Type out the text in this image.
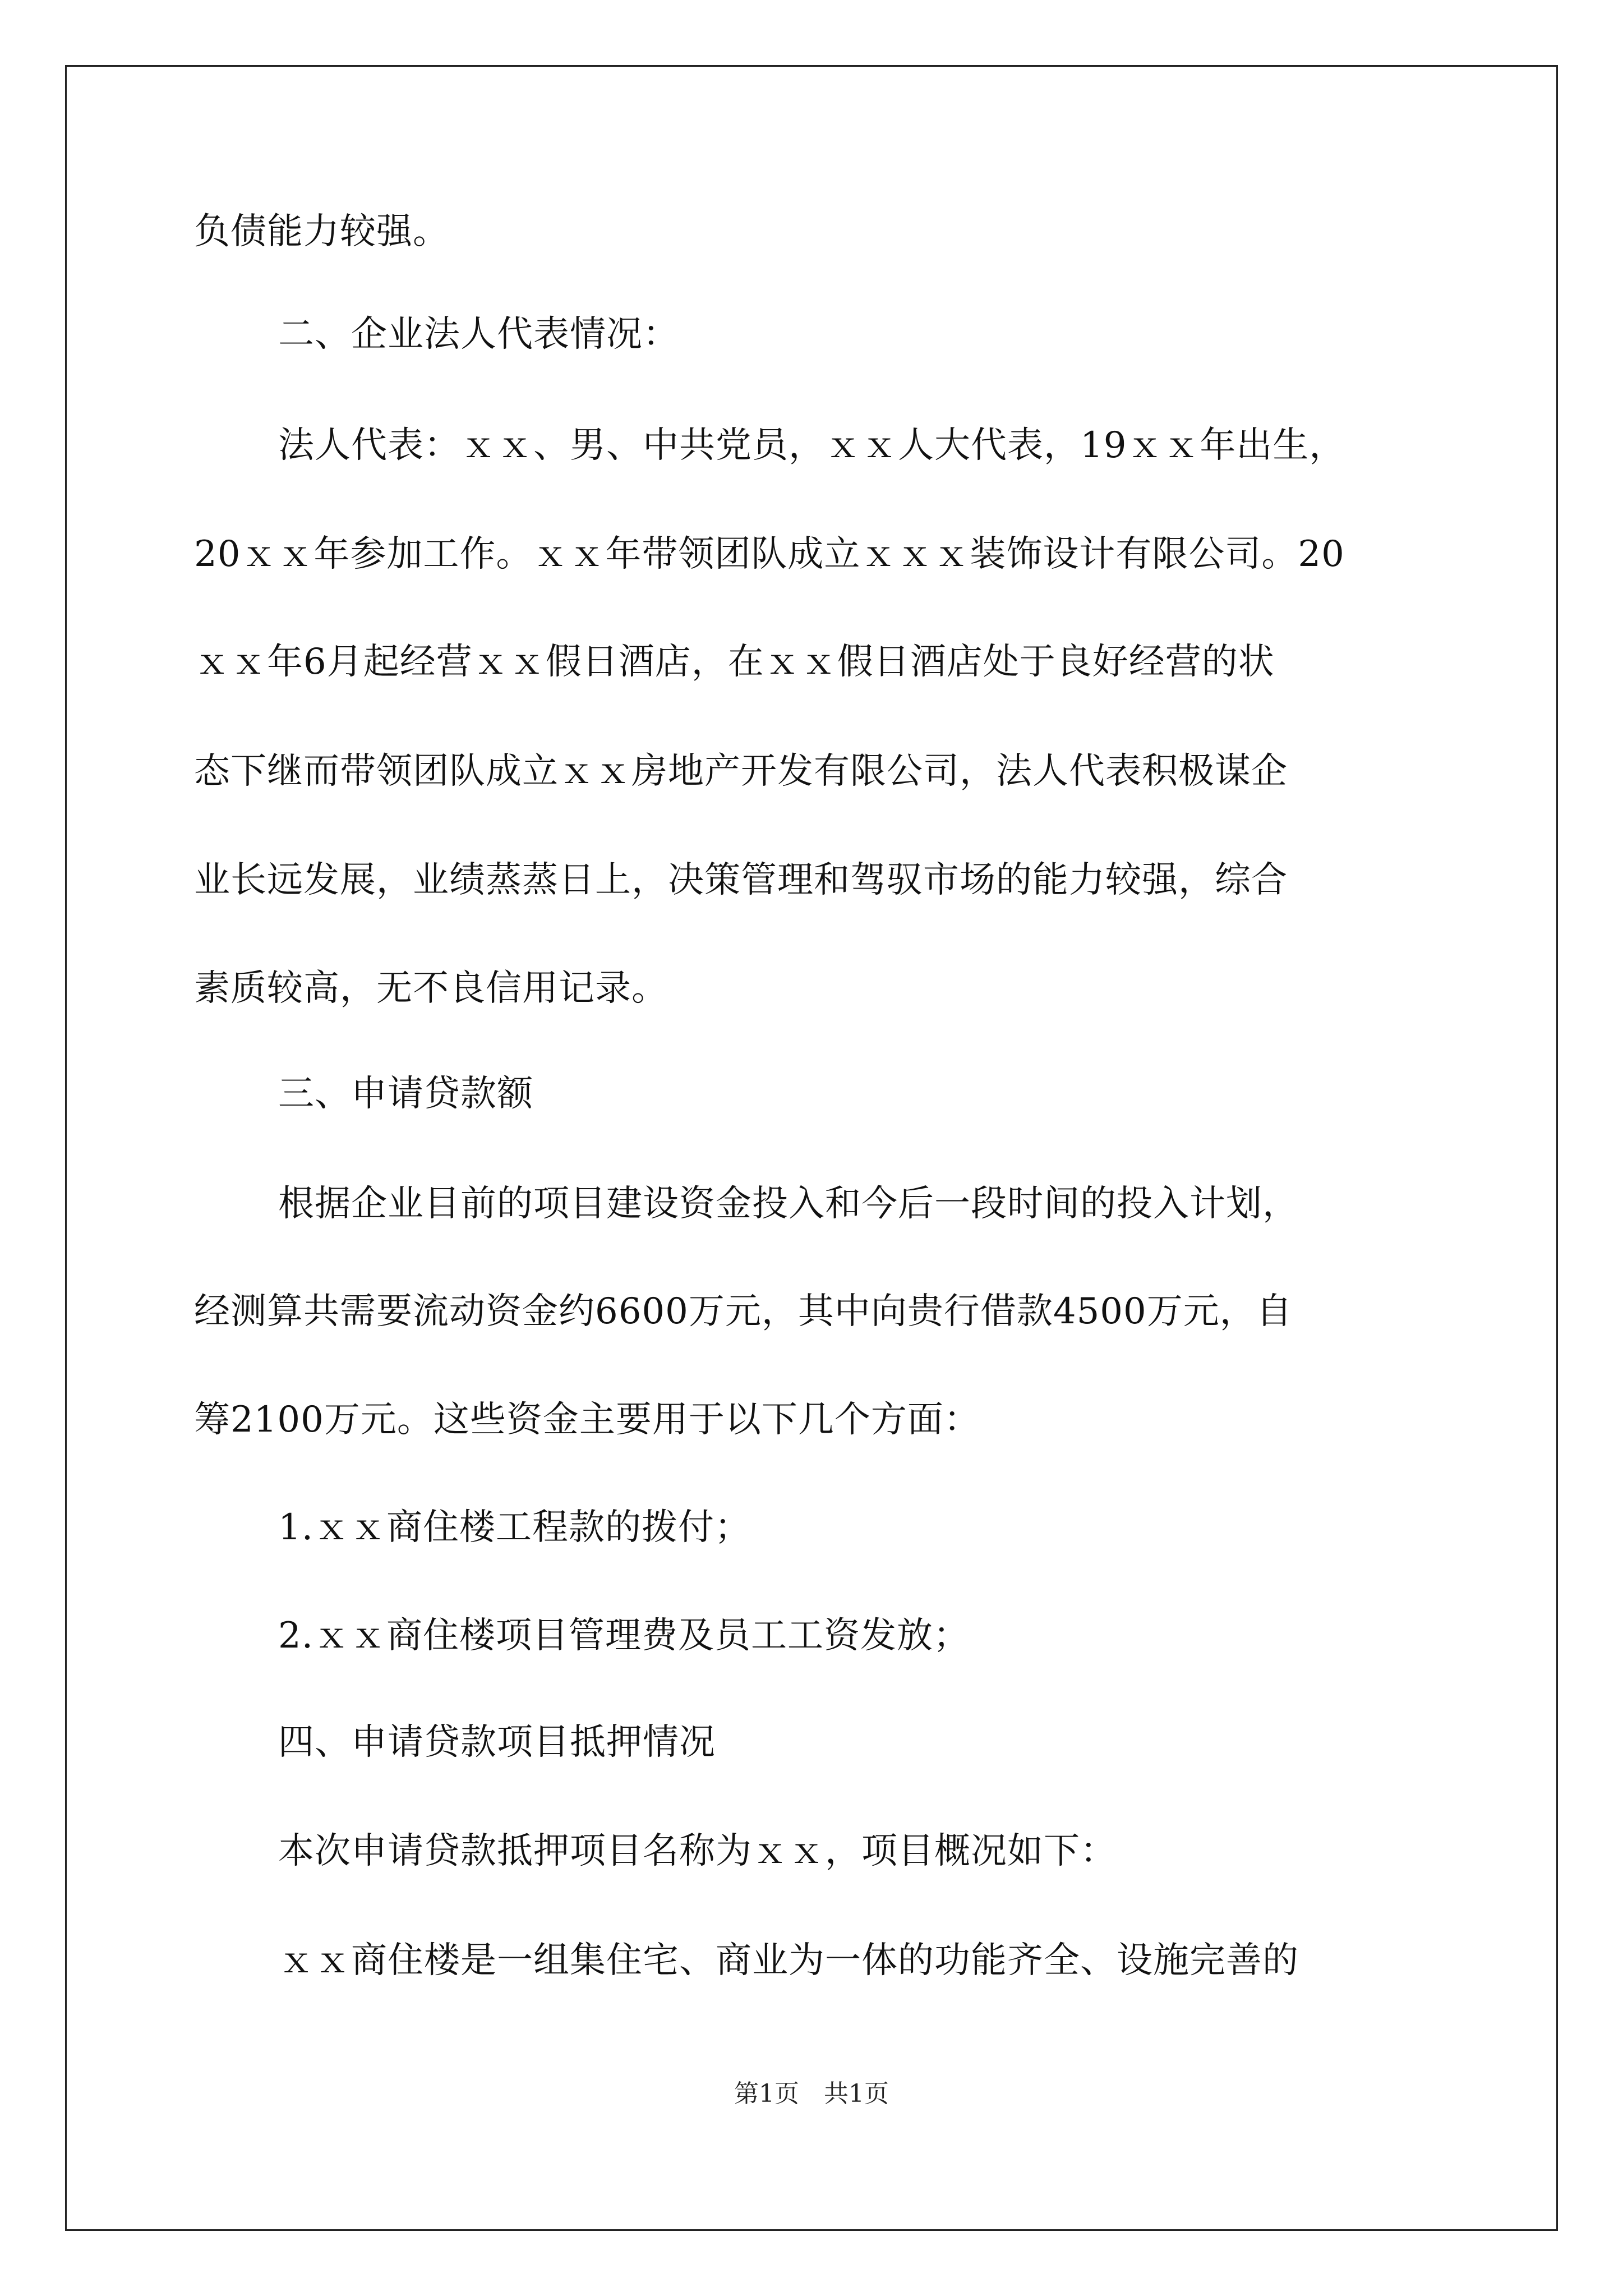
负债能力较强。
二、企业法人代表情况：
法人代表：ｘｘ、男、中共党员，ｘｘ人大代表，19ｘｘ年出生，
20ｘｘ年参加工作。ｘｘ年带领团队成立ｘｘｘ装饰设计有限公司。20
ｘｘ年6月起经营ｘｘ假日酒店，在ｘｘ假日酒店处于良好经营的状
态下继而带领团队成立ｘｘ房地产开发有限公司，法人代表积极谋企
业长远发展，业绩蒸蒸日上，决策管理和驾驭市场的能力较强，综合
素质较高，无不良信用记录。
三、申请贷款额
根据企业目前的项目建设资金投入和今后一段时间的投入计划，
经测算共需要流动资金约6600万元，其中向贵行借款4500万元，自
筹2100万元。这些资金主要用于以下几个方面：
1.ｘｘ商住楼工程款的拨付；
2.ｘｘ商住楼项目管理费及员工工资发放；
四、申请贷款项目抵押情况
本次申请贷款抵押项目名称为ｘｘ，项目概况如下：
ｘｘ商住楼是一组集住宅、商业为一体的功能齐全、设施完善的
第1页　共1页
